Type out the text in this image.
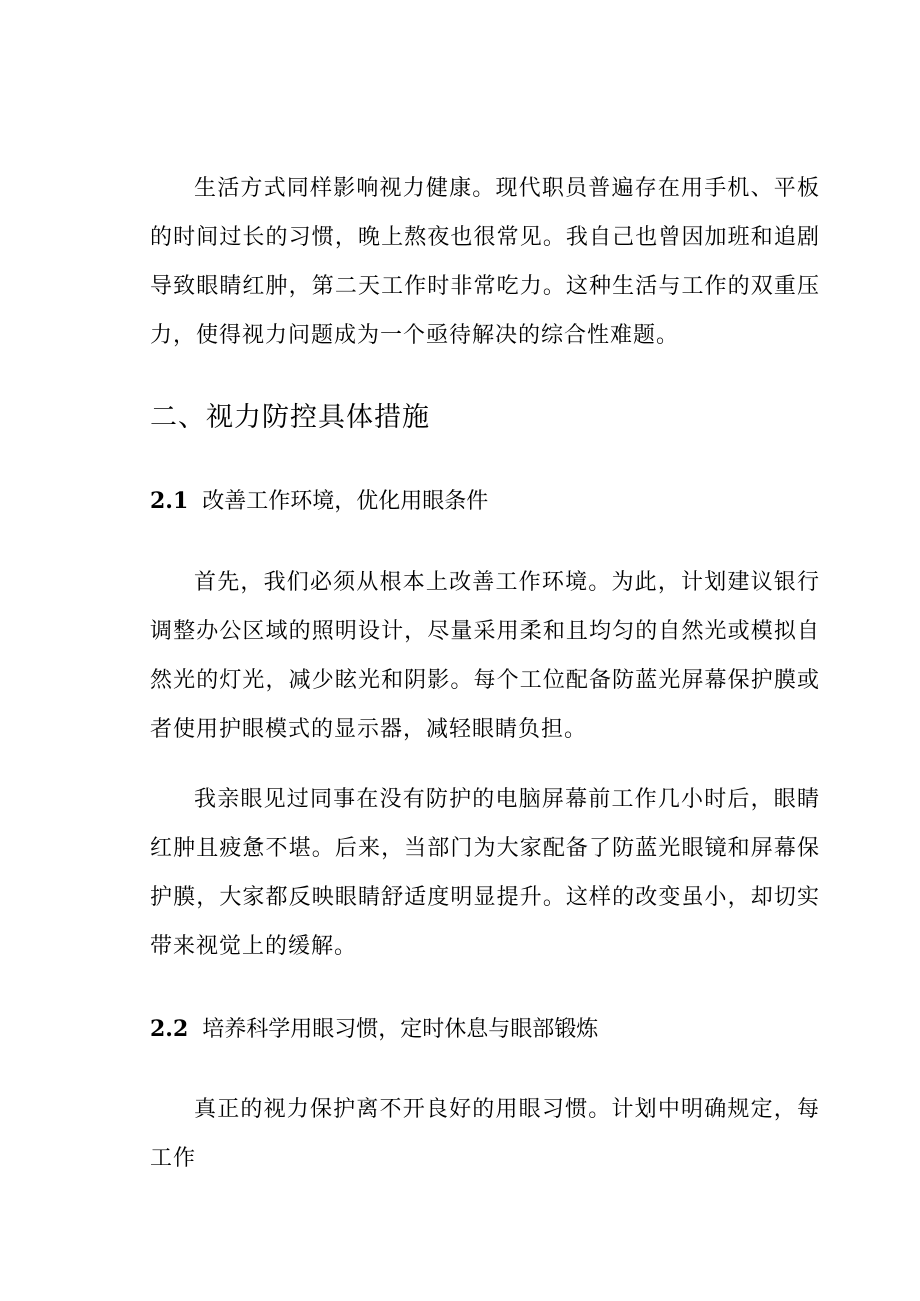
生活方式同样影响视力健康。现代职员普遍存在用手机、平板的时间过长的习惯，晚上熬夜也很常见。我自己也曾因加班和追剧导致眼睛红肿，第二天工作时非常吃力。这种生活与工作的双重压力，使得视力问题成为一个亟待解决的综合性难题。

二、视力防控具体措施
2.1 改善工作环境，优化用眼条件

首先，我们必须从根本上改善工作环境。为此，计划建议银行调整办公区域的照明设计，尽量采用柔和且均匀的自然光或模拟自然光的灯光，减少眩光和阴影。每个工位配备防蓝光屏幕保护膜或者使用护眼模式的显示器，减轻眼睛负担。

我亲眼见过同事在没有防护的电脑屏幕前工作几小时后，眼睛红肿且疲惫不堪。后来，当部门为大家配备了防蓝光眼镜和屏幕保护膜，大家都反映眼睛舒适度明显提升。这样的改变虽小，却切实带来视觉上的缓解。

2.2 培养科学用眼习惯，定时休息与眼部锻炼

真正的视力保护离不开良好的用眼习惯。计划中明确规定，每工作
